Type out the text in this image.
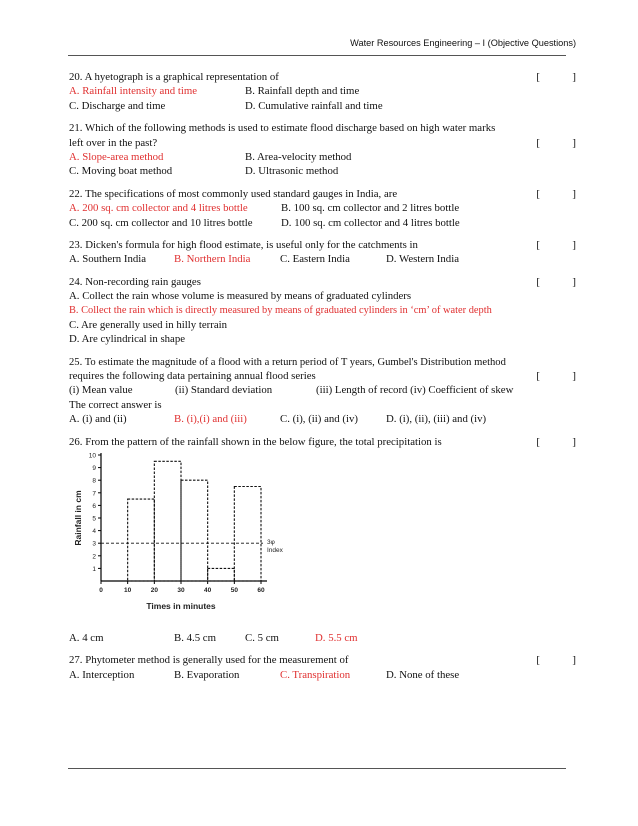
Water Resources Engineering – I (Objective Questions)
20. A hyetograph is a graphical representation of	[	]
A. Rainfall intensity and time	B. Rainfall depth and time
C. Discharge and time	D. Cumulative rainfall and time
21. Which of the following methods is used to estimate flood discharge based on high water marks
left over in the past?	[	]
A. Slope-area method	B. Area-velocity method
C. Moving boat method	D. Ultrasonic method
22. The specifications of most commonly used standard gauges in India, are	[	]
A. 200 sq. cm collector and 4 litres bottle	B. 100 sq. cm collector and 2 litres bottle
C. 200 sq. cm collector and 10 litres bottle	D. 100 sq. cm collector and 4 litres bottle
23. Dicken's formula for high flood estimate, is useful only for the catchments in	[	]
A. Southern India	B. Northern India	C. Eastern India	D. Western India
24. Non-recording rain gauges	[	]
A. Collect the rain whose volume is measured by means of graduated cylinders
B. Collect the rain which is directly measured by means of graduated cylinders in ‘cm’ of water depth
C. Are generally used in hilly terrain
D. Are cylindrical in shape
25. To estimate the magnitude of a flood with a return period of T years, Gumbel's Distribution method
requires the following data pertaining annual flood series	[	]
(i) Mean value	(ii) Standard deviation	(iii) Length of record (iv) Coefficient of skew
The correct answer is
A. (i) and (ii)	B. (i),(i) and (iii)	C. (i), (ii) and (iv)	D. (i), (ii), (iii) and (iv)
26. From the pattern of the rainfall shown in the below figure, the total precipitation is	[	]
1
2
3
4
5
6
7
8
9
10
0	10	20	30	40	50	60
3φ
Index
Times in minutes
Rainfall in cm
A. 4 cm	B. 4.5 cm	C. 5 cm	D. 5.5 cm
27. Phytometer method is generally used for the measurement of	[	]
A. Interception	B. Evaporation	C. Transpiration	D. None of these
